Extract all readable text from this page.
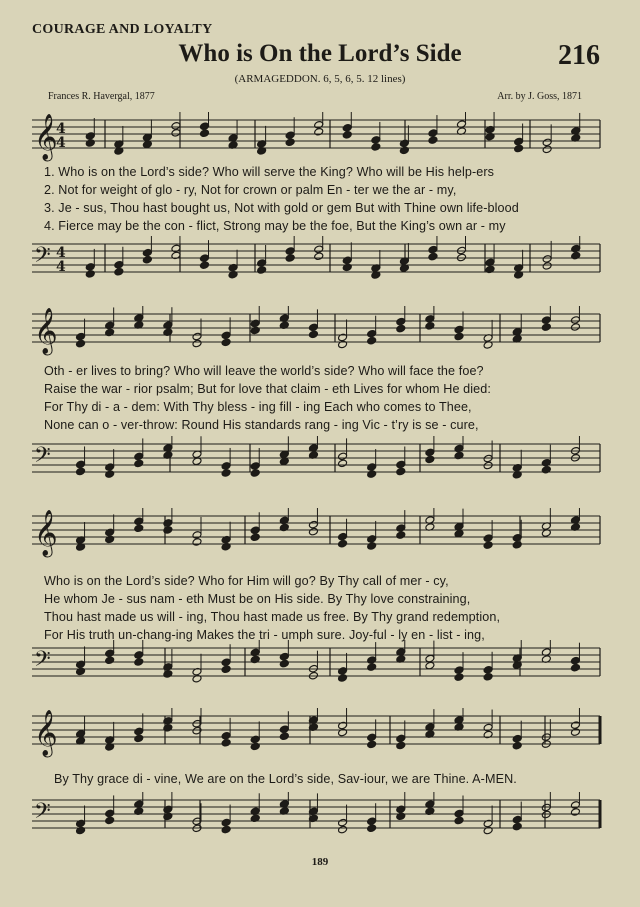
COURAGE AND LOYALTY
Who is On the Lord’s Side	216
(ARMAGEDDON. 6, 5, 6, 5. 12 lines)
Frances R. Havergal, 1877	Arr. by J. Goss, 1871
𝄞
4
4
1. Who is on the Lord’s side? Who will serve the King? Who will be His help-ers
2. Not for weight of glo - ry, Not for crown or palm En - ter we the ar - my,
3. Je - sus, Thou hast bought us, Not with gold or gem But with Thine own life-blood
4. Fierce may be the con - flict, Strong may be the foe, But the King’s own ar - my
𝄢 4
4
𝄞
Oth - er lives to bring? Who will leave the world’s side? Who will face the foe?
Raise the war - rior psalm; But for love that claim - eth Lives for whom He died:
For Thy di - a - dem: With Thy bless - ing fill - ing Each who comes to Thee,
None can o - ver-throw: Round His standards rang - ing Vic - t’ry is se - cure,
𝄢
𝄞
Who is on the Lord’s side? Who for Him will go? By Thy call of mer - cy,
He whom Je - sus nam - eth Must be on His side. By Thy love constraining,
Thou hast made us will - ing, Thou hast made us free. By Thy grand redemption,
For His truth un-chang-ing Makes the tri - umph sure. Joy-ful - ly en - list - ing,
𝄢
𝄞
By Thy grace di - vine, We are on the Lord’s side, Sav-iour, we are Thine. A-MEN.
𝄢
189
